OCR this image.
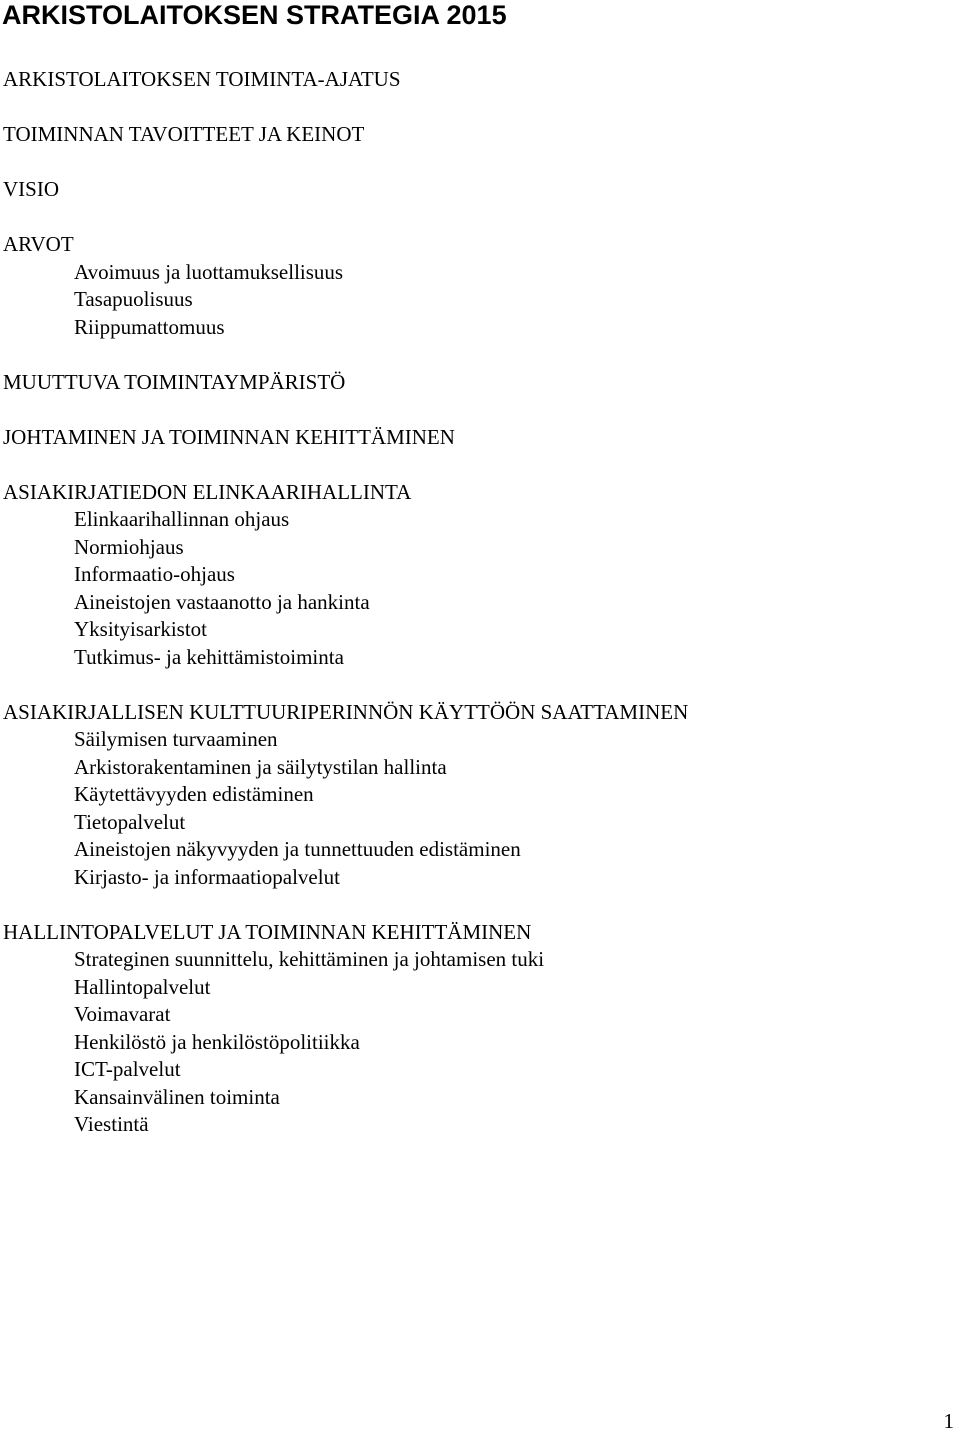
ARKISTOLAITOKSEN STRATEGIA 2015
ARKISTOLAITOKSEN TOIMINTA-AJATUS
TOIMINNAN TAVOITTEET JA KEINOT
VISIO
ARVOT
Avoimuus ja luottamuksellisuus
Tasapuolisuus
Riippumattomuus
MUUTTUVA TOIMINTAYMPÄRISTÖ
JOHTAMINEN JA TOIMINNAN KEHITTÄMINEN
ASIAKIRJATIEDON ELINKAARIHALLINTA
Elinkaarihallinnan ohjaus
Normiohjaus
Informaatio-ohjaus
Aineistojen vastaanotto ja hankinta
Yksityisarkistot
Tutkimus- ja kehittämistoiminta
ASIAKIRJALLISEN KULTTUURIPERINNÖN KÄYTTÖÖN SAATTAMINEN
Säilymisen turvaaminen
Arkistorakentaminen ja säilytystilan hallinta
Käytettävyyden edistäminen
Tietopalvelut
Aineistojen näkyvyyden ja tunnettuuden edistäminen
Kirjasto- ja informaatiopalvelut
HALLINTOPALVELUT JA TOIMINNAN KEHITTÄMINEN
Strateginen suunnittelu, kehittäminen ja johtamisen tuki
Hallintopalvelut
Voimavarat
Henkilöstö ja henkilöstöpolitiikka
ICT-palvelut
Kansainvälinen toiminta
Viestintä
1
